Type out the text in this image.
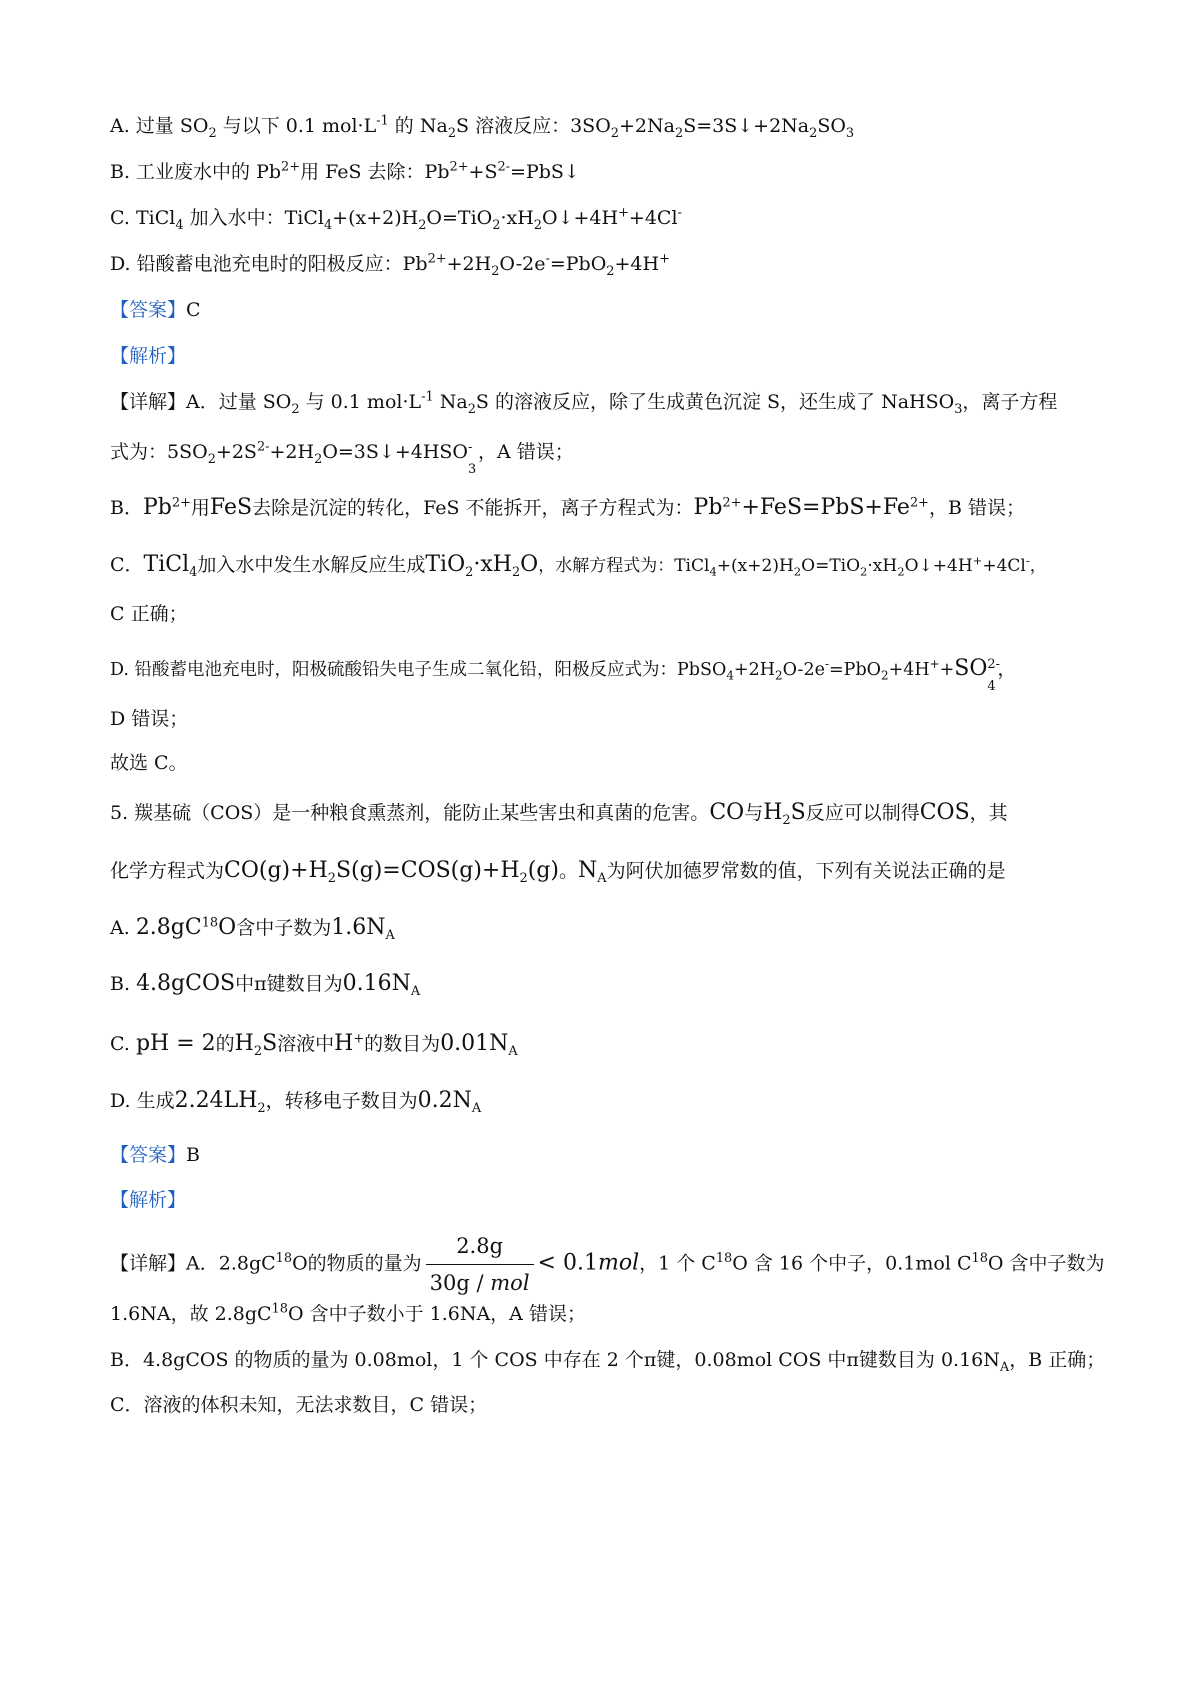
A. 过量 $SO_2$ 与以下 0.1 $mol\cdot L^{-1}$ 的 $Na_2S$ 溶液反应：$3SO_2+2Na_2S=3S↓+2Na_2SO_3$
B. 工业废水中的 $Pb^{2+}$用 FeS 去除：$Pb^{2+}+S^{2-}=PbS↓$
C. TiCl$_4$ 加入水中：$TiCl_4+(x+2)H_2O=TiO_2\cdot xH_2O↓+4H^++4Cl^-$
D. 铅酸蓄电池充电时的阳极反应：$Pb^{2+}+2H_2O-2e^-=PbO_2+4H^+$
【答案】C
【解析】
【详解】A．过量 $SO_2$ 与 0.1 $mol\cdot L^{-1}$ $Na_2S$ 的溶液反应，除了生成黄色沉淀 S，还生成了 NaHSO$_3$，离子方程
式为：$5SO_2+2S^{2-}+2H_2O=3S↓+4HSO$ -
3
，A 错误；
B．$Pb^{2+}$用FeS去除是沉淀的转化，FeS 不能拆开，离子方程式为：$Pb^{2+}+FeS=PbS+Fe^{2+}$，B 错误；
C．TiCl$_4$加入水中发生水解反应生成$TiO_2\cdot xH_2O$，水解方程式为：$TiCl_4+(x+2)H_2O=TiO_2\cdot xH_2O↓+4H^++4Cl^-$，
C 正确；
D. 铅酸蓄电池充电时，阳极硫酸铅失电子生成二氧化铅，阳极反应式为：$PbSO_4+2H_2O-2e^-=PbO_2+4H^++SO$ 2-
4
，
D 错误；
故选 C。
5. 羰基硫（COS）是一种粮食熏蒸剂，能防止某些害虫和真菌的危害。CO与$H_2S$反应可以制得COS，其
化学方程式为$CO(g)+H_2S(g)=COS(g)+H_2(g)$。$N_A$为阿伏加德罗常数的值，下列有关说法正确的是
A. $2.8gC^{18}O$含中子数为$1.6N_A$
B. 4.8gCOS中π键数目为$0.16N_A$
C. pH = 2的$H_2S$溶液中H+的数目为$0.01N_A$
D. 生成$2.24LH_2$，转移电子数目为$0.2N_A$
【答案】B
【解析】
【详解】A．$2.8gC^{18}O$的物质的量为 $\frac{2.8g}{\text{30g / mol}} < 0.1mol$，1 个 $C^{18}O$ 含 16 个中子，0.1mol $C^{18}O$ 含中子数为
1.6NA，故 $2.8gC^{18}O$ 含中子数小于 1.6NA，A 错误；
B．4.8gCOS 的物质的量为 0.08mol，1 个 COS 中存在 2 个π键，0.08mol COS 中π键数目为 $0.16N_A$，B 正确；
C．溶液的体积未知，无法求数目，C 错误；
